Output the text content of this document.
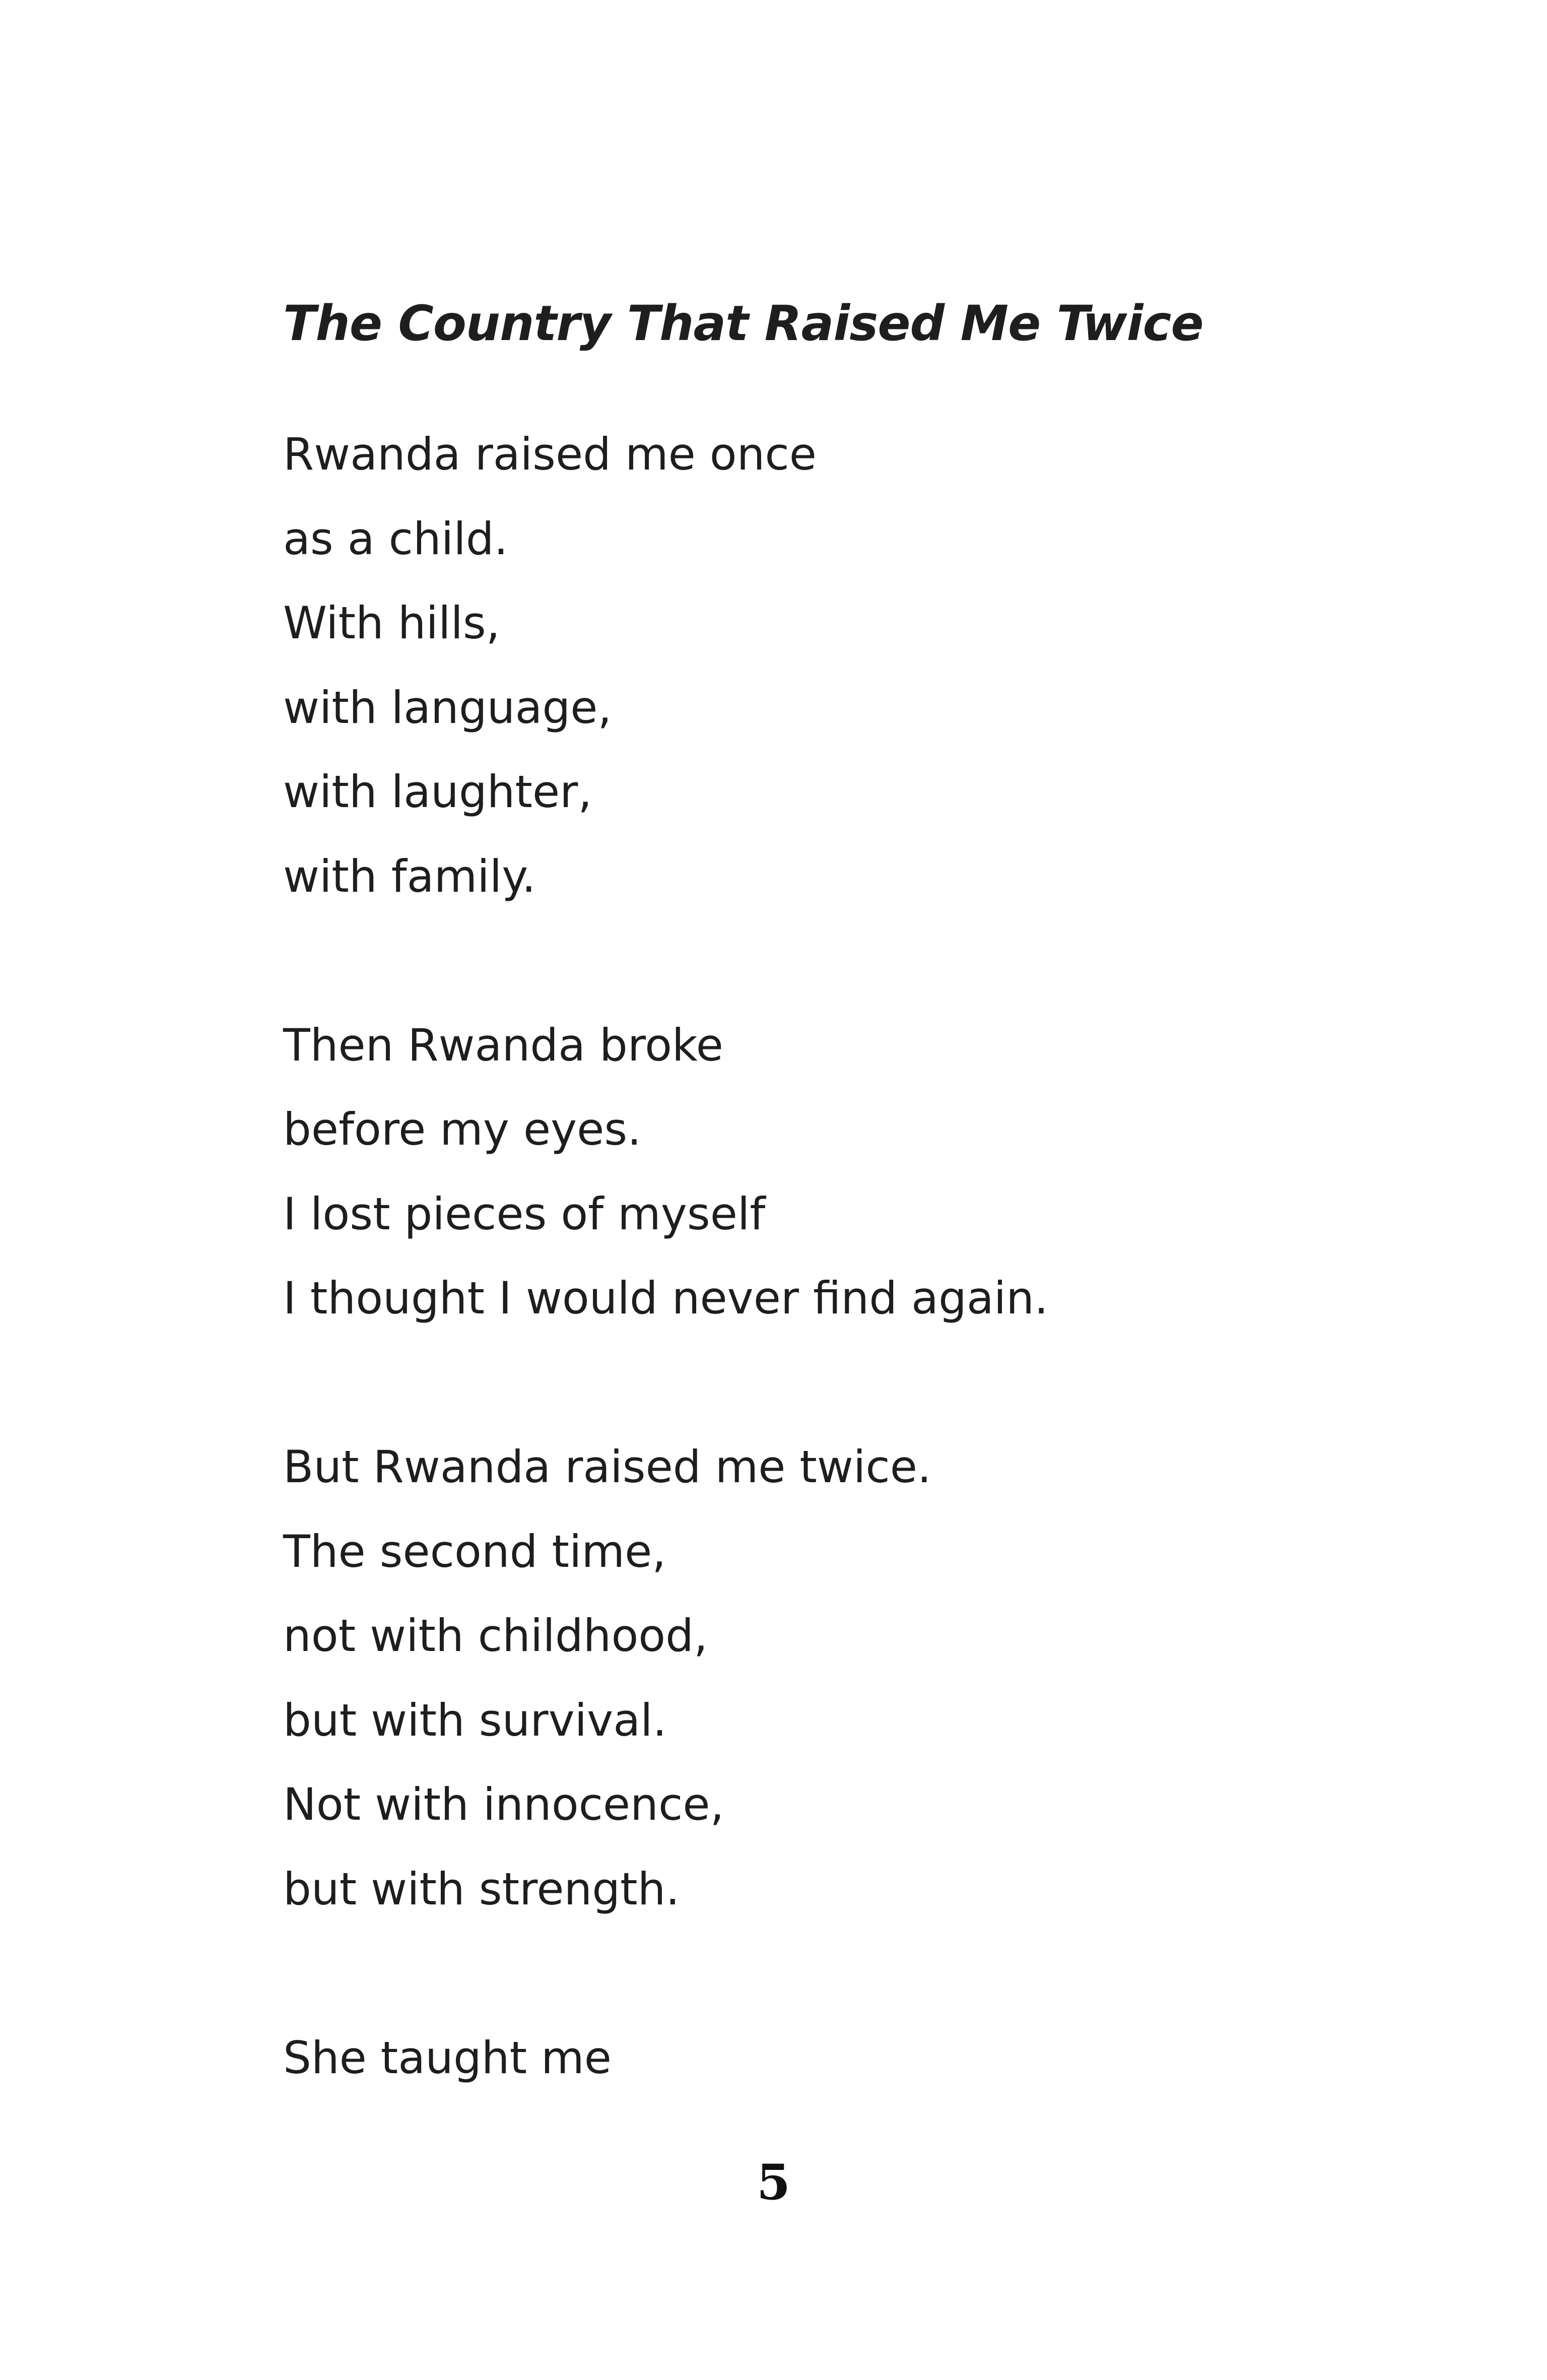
The Country That Raised Me Twice
Rwanda raised me once
as a child.
With hills,
with language,
with laughter,
with family.
Then Rwanda broke
before my eyes.
I lost pieces of myself
I thought I would never find again.
But Rwanda raised me twice.
The second time,
not with childhood,
but with survival.
Not with innocence,
but with strength.
She taught me

5
